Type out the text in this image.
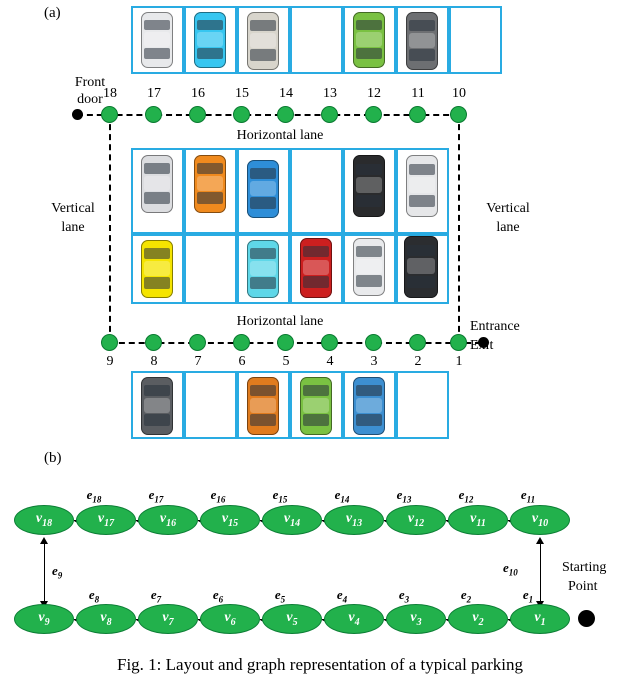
(a)
Front
door 18	17	16	15	14	13	12	11	10
Horizontal lane
Vertical
lane
Vertical
lane
Horizontal lane
9	8	7	6	5	4	3	2	1
Entrance
Exit
(b)
$v_{18}$	$v_{17}$	$v_{16}$	$v_{15}$	$v_{14}$	$v_{13}$	$v_{12}$	$v_{11}$	$v_{10}$
$e_{18}$	$e_{17}$	$e_{16}$	$e_{15}$	$e_{14}$	$e_{13}$	$e_{12}$	$e_{11}$
$e_9$
$e_{10}$
$v_9$	$v_8$	$v_7$	$v_6$	$v_5$	$v_4$	$v_3$	$v_2$	$v_1$
$e_8$	$e_7$	$e_6$	$e_5$	$e_4$	$e_3$	$e_2$	$e_1$
Starting
Point
Fig. 1: Layout and graph representation of a typical parking
